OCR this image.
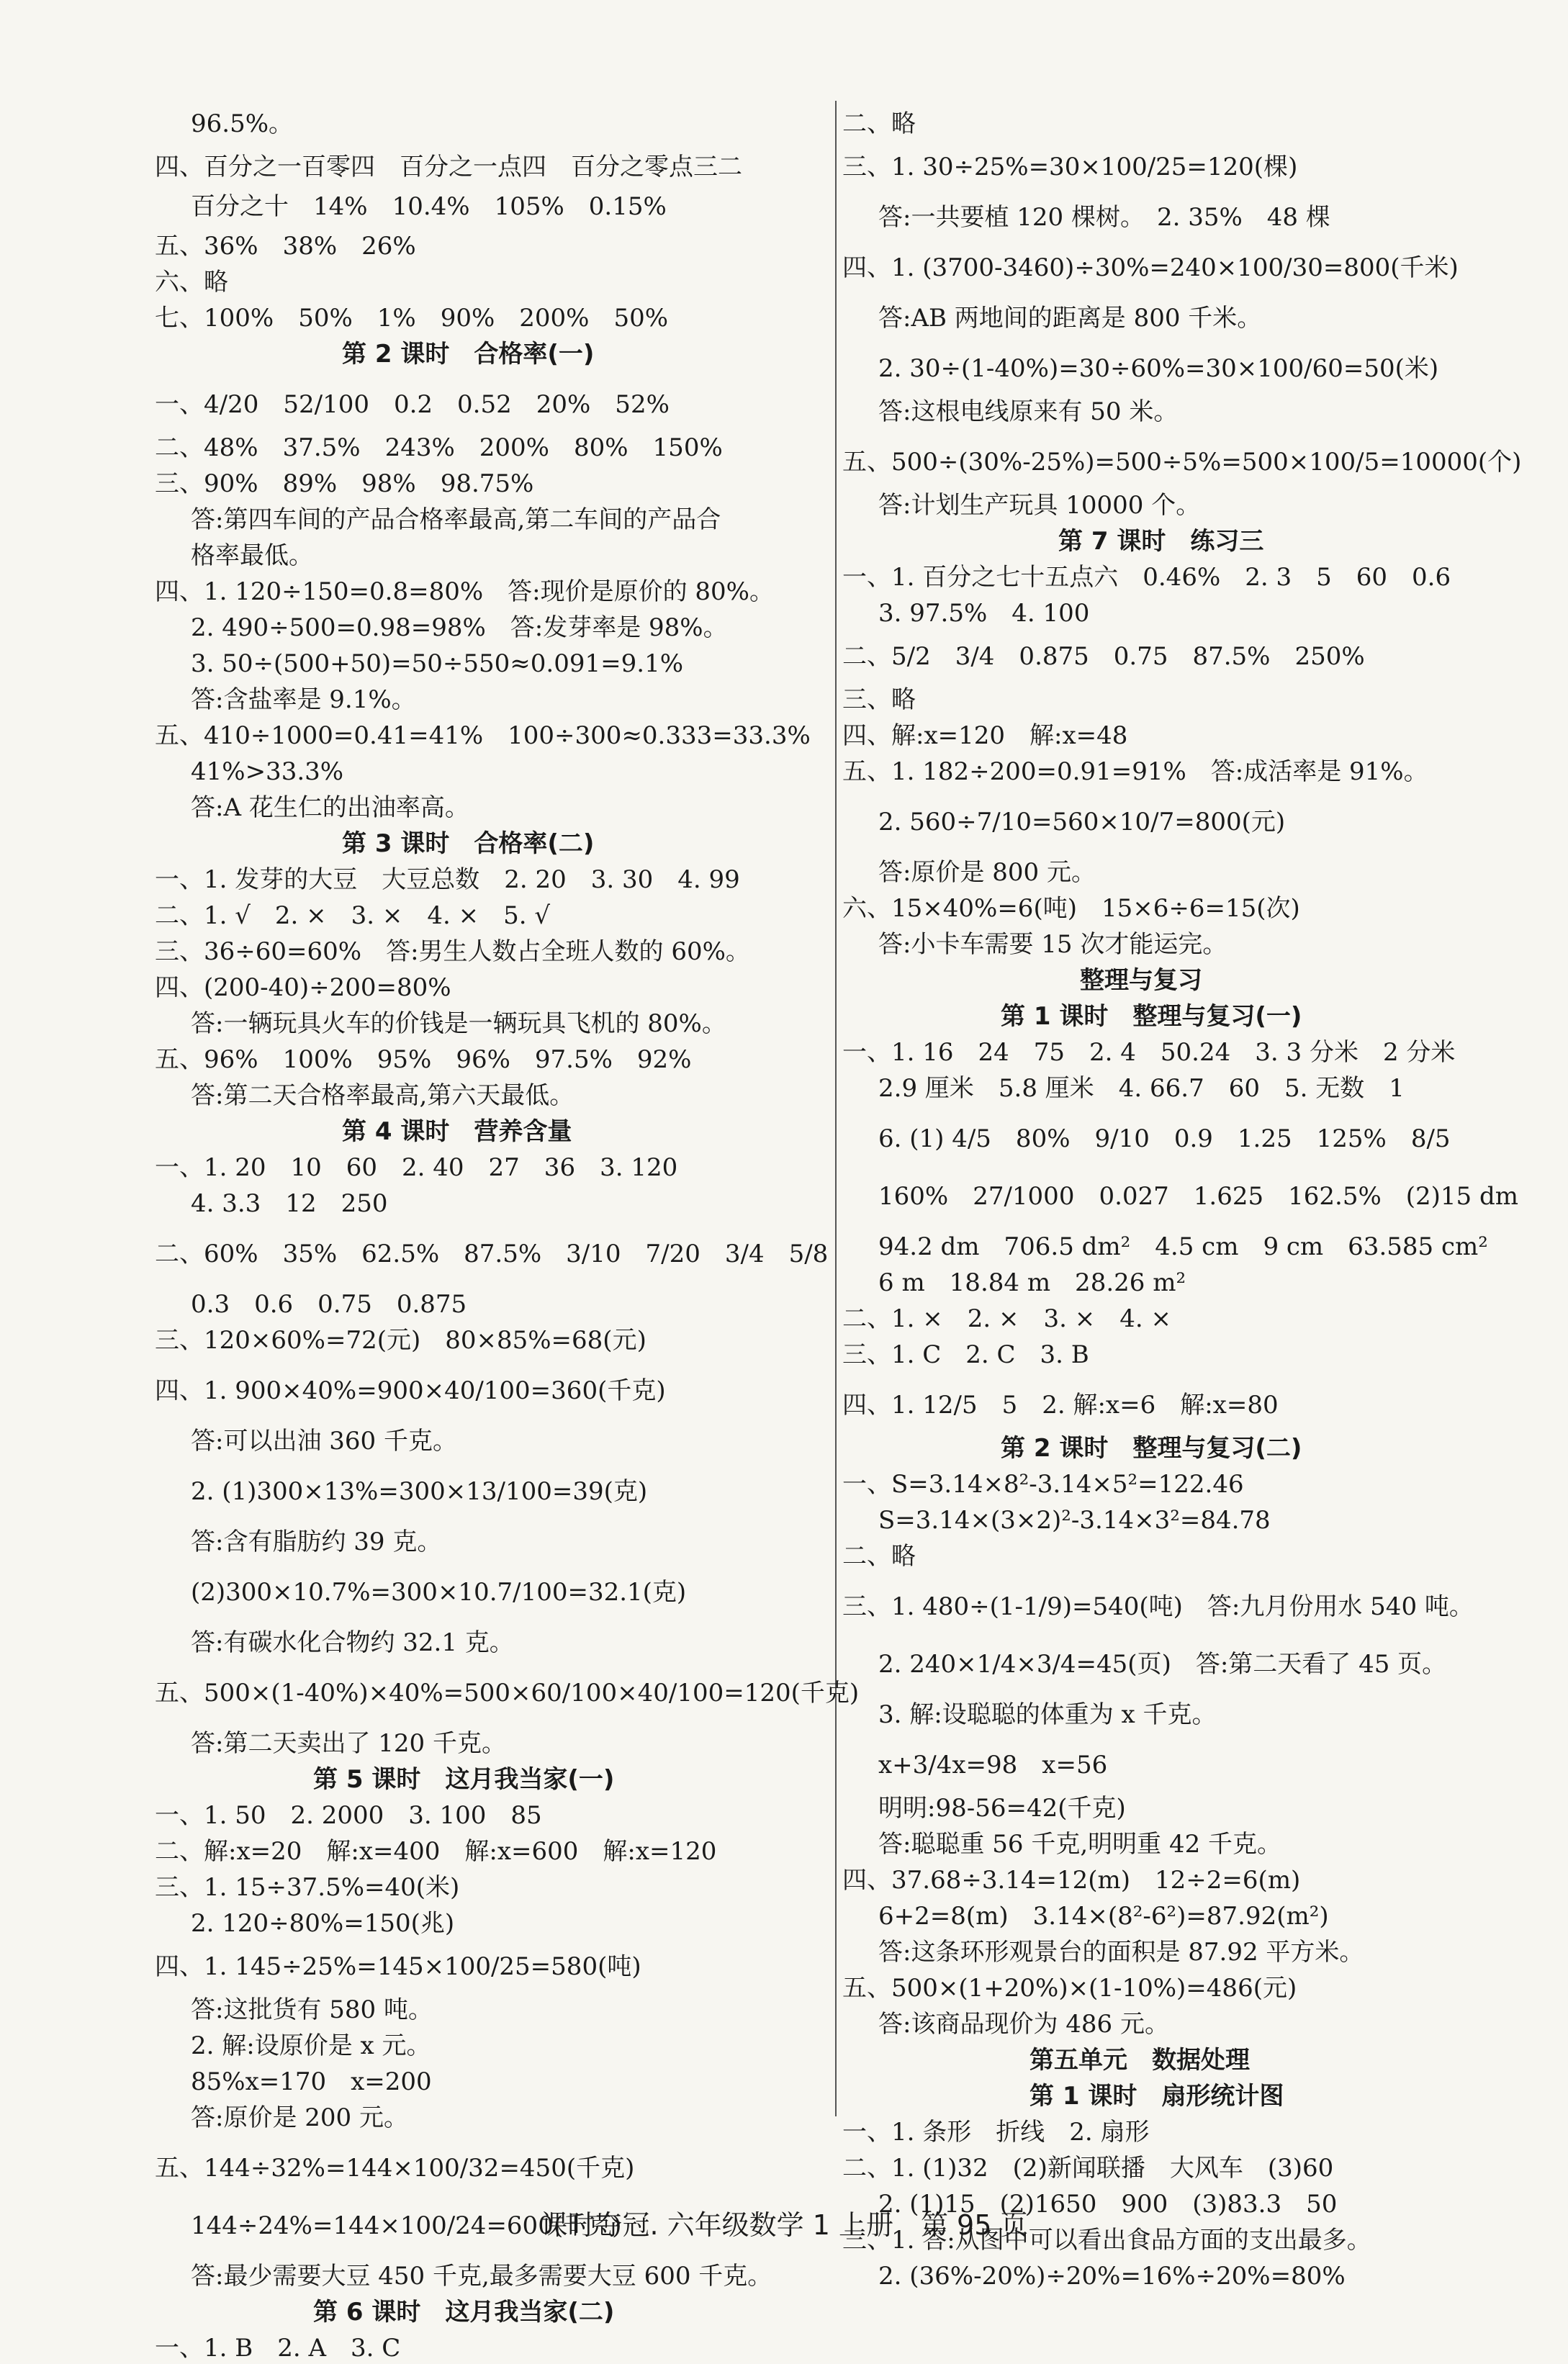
96.5%。
四、百分之一百零四　百分之一点四　百分之零点三二
百分之十　14%　10.4%　105%　0.15%
五、36%　38%　26%
六、略
七、100%　50%　1%　90%　200%　50%
第 2 课时　合格率(一)
一、4/20　52/100　0.2　0.52　20%　52%
二、48%　37.5%　243%　200%　80%　150%
三、90%　89%　98%　98.75%
答:第四车间的产品合格率最高,第二车间的产品合
格率最低。
四、1. 120÷150=0.8=80%　答:现价是原价的 80%。
2. 490÷500=0.98=98%　答:发芽率是 98%。
3. 50÷(500+50)=50÷550≈0.091=9.1%
答:含盐率是 9.1%。
五、410÷1000=0.41=41%　100÷300≈0.333=33.3%
41%>33.3%
答:A 花生仁的出油率高。
第 3 课时　合格率(二)
一、1. 发芽的大豆　大豆总数　2. 20　3. 30　4. 99
二、1. √　2. ×　3. ×　4. ×　5. √
三、36÷60=60%　答:男生人数占全班人数的 60%。
四、(200-40)÷200=80%
答:一辆玩具火车的价钱是一辆玩具飞机的 80%。
五、96%　100%　95%　96%　97.5%　92%
答:第二天合格率最高,第六天最低。
第 4 课时　营养含量
一、1. 20　10　60　2. 40　27　36　3. 120
4. 3.3　12　250
二、60%　35%　62.5%　87.5%　3/10　7/20　3/4　5/8
0.3　0.6　0.75　0.875
三、120×60%=72(元)　80×85%=68(元)
四、1. 900×40%=900×40/100=360(千克)
答:可以出油 360 千克。
2. (1)300×13%=300×13/100=39(克)
答:含有脂肪约 39 克。
(2)300×10.7%=300×10.7/100=32.1(克)
答:有碳水化合物约 32.1 克。
五、500×(1-40%)×40%=500×60/100×40/100=120(千克)
答:第二天卖出了 120 千克。
第 5 课时　这月我当家(一)
一、1. 50　2. 2000　3. 100　85
二、解:x=20　解:x=400　解:x=600　解:x=120
三、1. 15÷37.5%=40(米)
2. 120÷80%=150(兆)
四、1. 145÷25%=145×100/25=580(吨)
答:这批货有 580 吨。
2. 解:设原价是 x 元。
85%x=170　x=200
答:原价是 200 元。
五、144÷32%=144×100/32=450(千克)
144÷24%=144×100/24=600(千克)
答:最少需要大豆 450 千克,最多需要大豆 600 千克。
第 6 课时　这月我当家(二)
一、1. B　2. A　3. C
二、略
三、1. 30÷25%=30×100/25=120(棵)
答:一共要植 120 棵树。　2. 35%　48 棵
四、1. (3700-3460)÷30%=240×100/30=800(千米)
答:AB 两地间的距离是 800 千米。
2. 30÷(1-40%)=30÷60%=30×100/60=50(米)
答:这根电线原来有 50 米。
五、500÷(30%-25%)=500÷5%=500×100/5=10000(个)
答:计划生产玩具 10000 个。
第 7 课时　练习三
一、1. 百分之七十五点六　0.46%　2. 3　5　60　0.6
3. 97.5%　4. 100
二、5/2　3/4　0.875　0.75　87.5%　250%
三、略
四、解:x=120　解:x=48
五、1. 182÷200=0.91=91%　答:成活率是 91%。
2. 560÷7/10=560×10/7=800(元)
答:原价是 800 元。
六、15×40%=6(吨)　15×6÷6=15(次)
答:小卡车需要 15 次才能运完。
整理与复习
第 1 课时　整理与复习(一)
一、1. 16　24　75　2. 4　50.24　3. 3 分米　2 分米
2.9 厘米　5.8 厘米　4. 66.7　60　5. 无数　1
6. (1) 4/5　80%　9/10　0.9　1.25　125%　8/5
160%　27/1000　0.027　1.625　162.5%　(2)15 dm
94.2 dm　706.5 dm²　4.5 cm　9 cm　63.585 cm²
6 m　18.84 m　28.26 m²
二、1. ×　2. ×　3. ×　4. ×
三、1. C　2. C　3. B
四、1. 12/5　5　2. 解:x=6　解:x=80
第 2 课时　整理与复习(二)
一、S=3.14×8²-3.14×5²=122.46
S=3.14×(3×2)²-3.14×3²=84.78
二、略
三、1. 480÷(1-1/9)=540(吨)　答:九月份用水 540 吨。
2. 240×1/4×3/4=45(页)　答:第二天看了 45 页。
3. 解:设聪聪的体重为 x 千克。
x+3/4x=98　x=56
明明:98-56=42(千克)
答:聪聪重 56 千克,明明重 42 千克。
四、37.68÷3.14=12(m)　12÷2=6(m)
6+2=8(m)　3.14×(8²-6²)=87.92(m²)
答:这条环形观景台的面积是 87.92 平方米。
五、500×(1+20%)×(1-10%)=486(元)
答:该商品现价为 486 元。
第五单元　数据处理
第 1 课时　扇形统计图
一、1. 条形　折线　2. 扇形
二、1. (1)32　(2)新闻联播　大风车　(3)60
2. (1)15　(2)1650　900　(3)83.3　50
三、1. 答:从图中可以看出食品方面的支出最多。
2. (36%-20%)÷20%=16%÷20%=80%
课时夺冠. 六年级数学 1 上册　第 95 页
